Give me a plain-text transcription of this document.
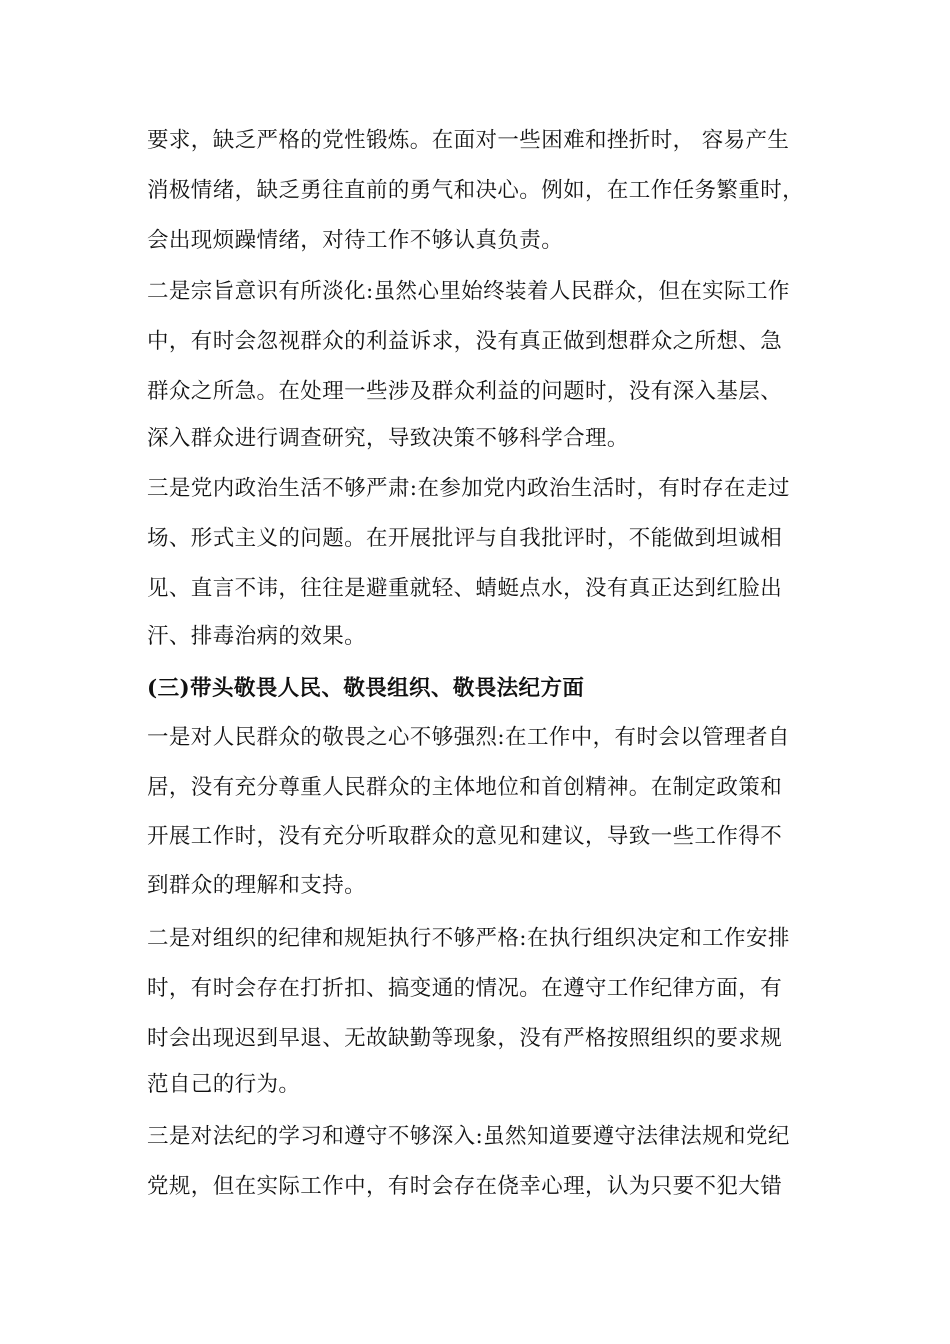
要求，缺乏严格的党性锻炼。在面对一些困难和挫折时， 容易产生
消极情绪，缺乏勇往直前的勇气和决心。例如，在工作任务繁重时，
会出现烦躁情绪，对待工作不够认真负责。
二是宗旨意识有所淡化:虽然心里始终装着人民群众，但在实际工作
中，有时会忽视群众的利益诉求，没有真正做到想群众之所想、急
群众之所急。在处理一些涉及群众利益的问题时，没有深入基层、
深入群众进行调查研究，导致决策不够科学合理。
三是党内政治生活不够严肃:在参加党内政治生活时，有时存在走过
场、形式主义的问题。在开展批评与自我批评时，不能做到坦诚相
见、直言不讳，往往是避重就轻、蜻蜓点水，没有真正达到红脸出
汗、排毒治病的效果。
(三)带头敬畏人民、敬畏组织、敬畏法纪方面
一是对人民群众的敬畏之心不够强烈:在工作中，有时会以管理者自
居，没有充分尊重人民群众的主体地位和首创精神。在制定政策和
开展工作时，没有充分听取群众的意见和建议，导致一些工作得不
到群众的理解和支持。
二是对组织的纪律和规矩执行不够严格:在执行组织决定和工作安排
时，有时会存在打折扣、搞变通的情况。在遵守工作纪律方面，有
时会出现迟到早退、无故缺勤等现象，没有严格按照组织的要求规
范自己的行为。
三是对法纪的学习和遵守不够深入:虽然知道要遵守法律法规和党纪
党规，但在实际工作中，有时会存在侥幸心理，认为只要不犯大错
